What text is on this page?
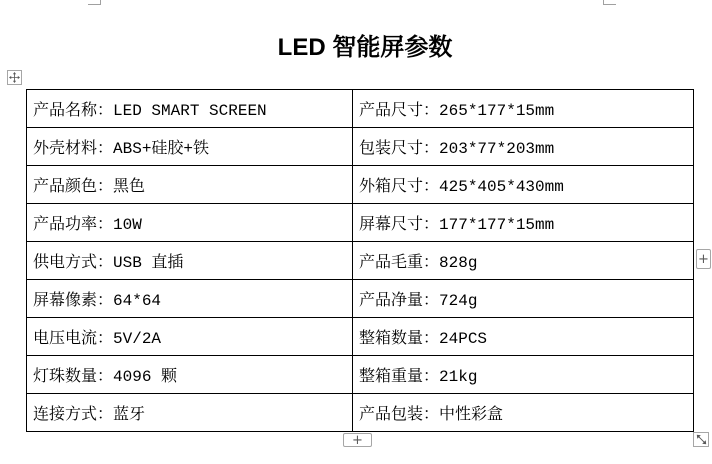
LED 智能屏参数
产品名称：LED SMART SCREEN	产品尺寸：265*177*15mm
外壳材料：ABS+硅胶+铁	包装尺寸：203*77*203mm
产品颜色：黑色	外箱尺寸：425*405*430mm
产品功率：10W	屏幕尺寸：177*177*15mm
供电方式：USB 直插	产品毛重：828g
屏幕像素：64*64	产品净量：724g
电压电流：5V/2A	整箱数量：24PCS
灯珠数量：4096 颗	整箱重量：21kg
连接方式：蓝牙	产品包装：中性彩盒
+
+
